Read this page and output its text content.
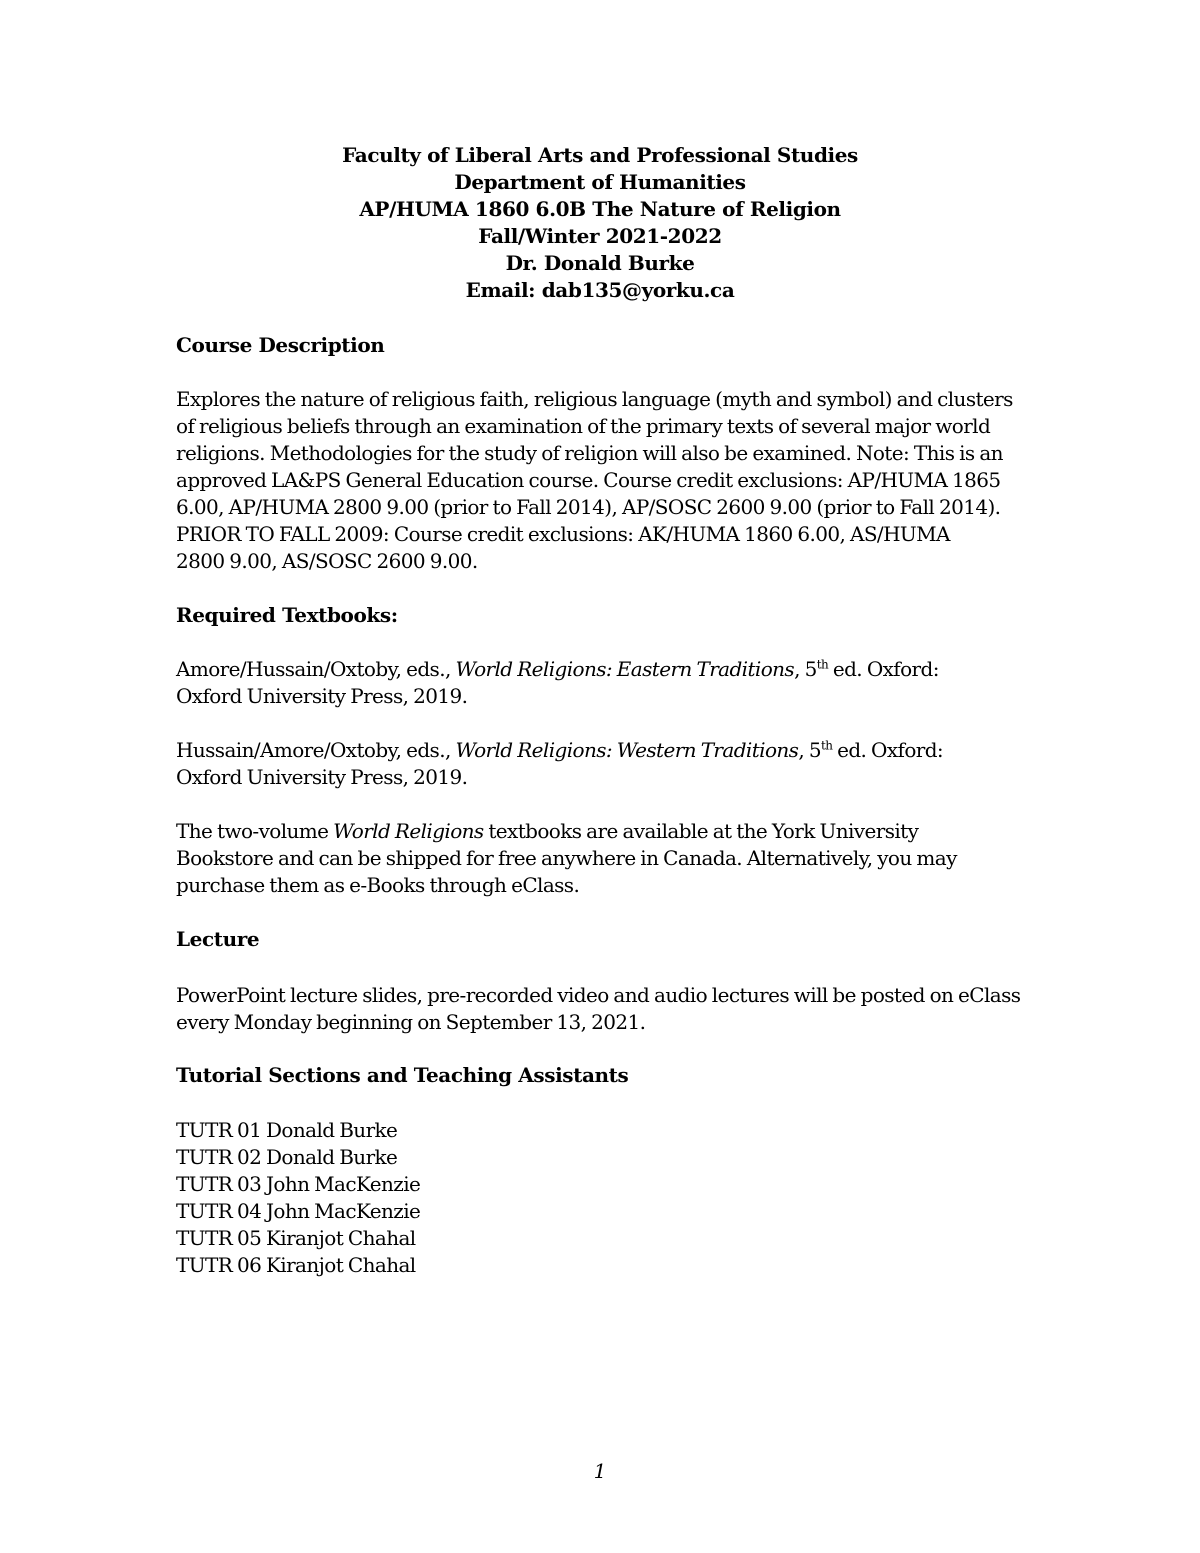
Faculty of Liberal Arts and Professional Studies
Department of Humanities
AP/HUMA 1860 6.0B The Nature of Religion
Fall/Winter 2021-2022
Dr. Donald Burke
Email: dab135@yorku.ca
Course Description
Explores the nature of religious faith, religious language (myth and symbol) and clusters
of religious beliefs through an examination of the primary texts of several major world
religions. Methodologies for the study of religion will also be examined. Note: This is an
approved LA&PS General Education course. Course credit exclusions: AP/HUMA 1865
6.00, AP/HUMA 2800 9.00 (prior to Fall 2014), AP/SOSC 2600 9.00 (prior to Fall 2014).
PRIOR TO FALL 2009: Course credit exclusions: AK/HUMA 1860 6.00, AS/HUMA
2800 9.00, AS/SOSC 2600 9.00.
Required Textbooks:
Amore/Hussain/Oxtoby, eds., World Religions: Eastern Traditions, 5th ed. Oxford:
Oxford University Press, 2019.
Hussain/Amore/Oxtoby, eds., World Religions: Western Traditions, 5th ed. Oxford:
Oxford University Press, 2019.
The two-volume World Religions textbooks are available at the York University
Bookstore and can be shipped for free anywhere in Canada. Alternatively, you may
purchase them as e-Books through eClass.
Lecture
PowerPoint lecture slides, pre-recorded video and audio lectures will be posted on eClass
every Monday beginning on September 13, 2021.
Tutorial Sections and Teaching Assistants
TUTR 01 Donald Burke
TUTR 02 Donald Burke
TUTR 03 John MacKenzie
TUTR 04 John MacKenzie
TUTR 05 Kiranjot Chahal
TUTR 06 Kiranjot Chahal
1
